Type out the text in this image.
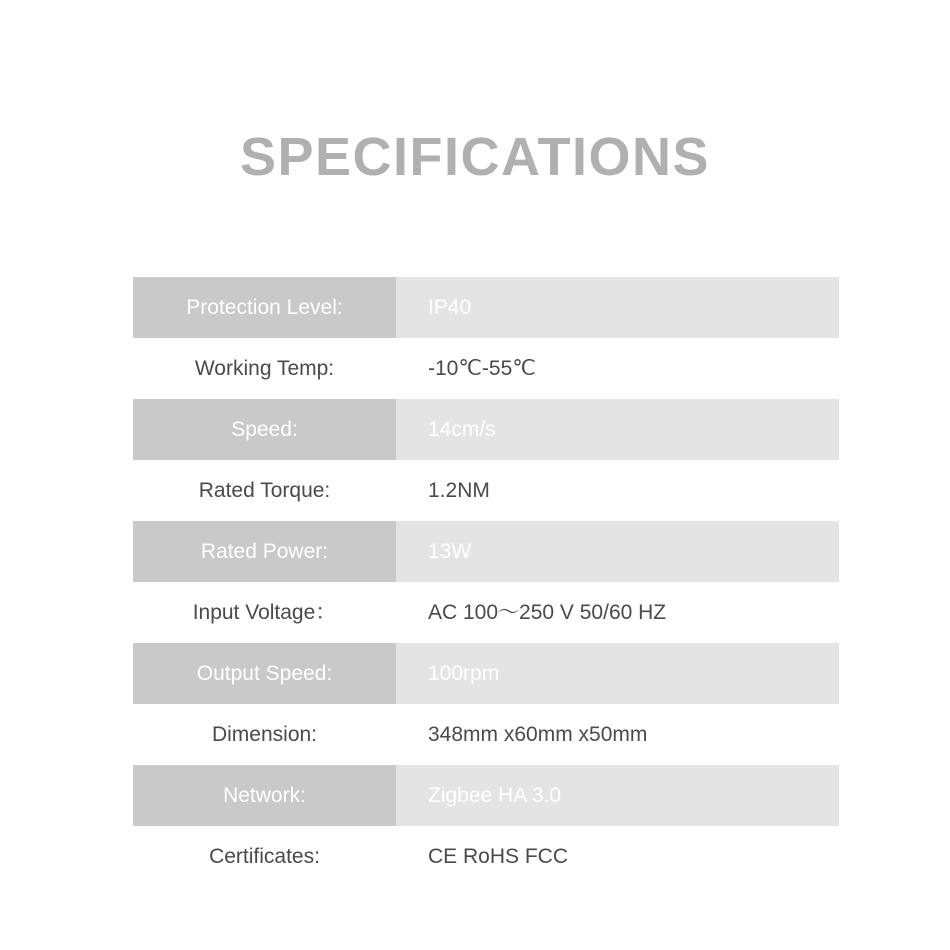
SPECIFICATIONS
Protection Level:	IP40

Working Temp:	-10℃-55℃

Speed:	14cm/s

Rated Torque:	1.2NM

Rated Power:	13W

Input Voltage：	AC 100～250 V 50/60 HZ

Output Speed:	100rpm

Dimension:	348mm x60mm x50mm

Network:	Zigbee HA 3.0

Certificates:	CE RoHS FCC
